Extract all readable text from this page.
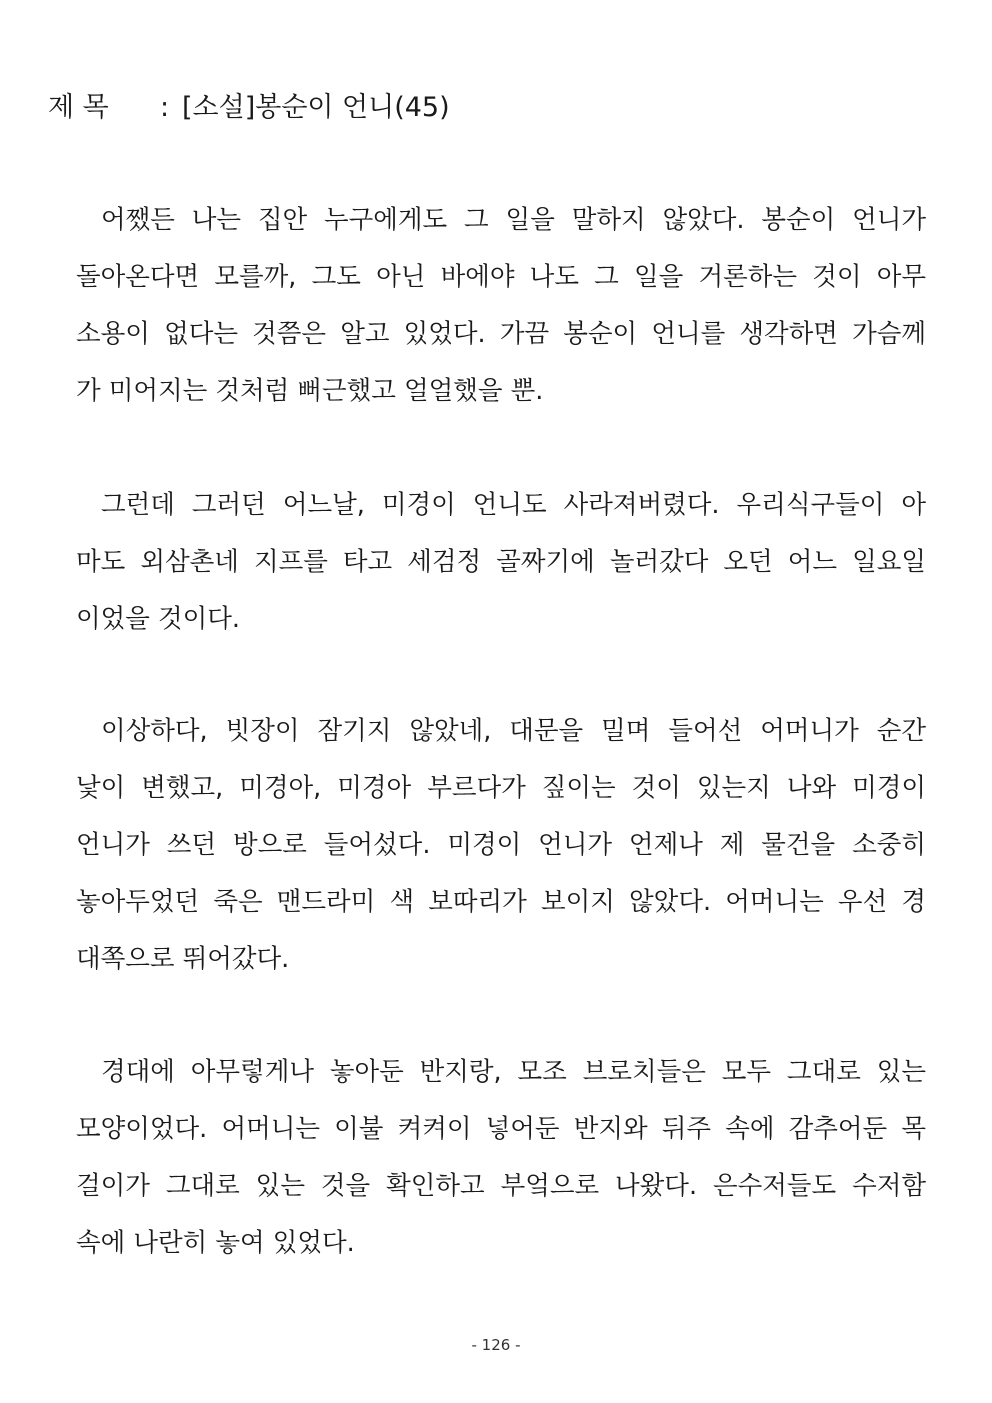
제 목 : [소설]봉순이 언니(45)
어쨌든 나는 집안 누구에게도 그 일을 말하지 않았다. 봉순이 언니가
돌아온다면 모를까, 그도 아닌 바에야 나도 그 일을 거론하는 것이 아무
소용이 없다는 것쯤은 알고 있었다. 가끔 봉순이 언니를 생각하면 가슴께
가 미어지는 것처럼 뻐근했고 얼얼했을 뿐.
그런데 그러던 어느날, 미경이 언니도 사라져버렸다. 우리식구들이 아
마도 외삼촌네 지프를 타고 세검정 골짜기에 놀러갔다 오던 어느 일요일
이었을 것이다.
이상하다, 빗장이 잠기지 않았네, 대문을 밀며 들어선 어머니가 순간
낯이 변했고, 미경아, 미경아 부르다가 짚이는 것이 있는지 나와 미경이
언니가 쓰던 방으로 들어섰다. 미경이 언니가 언제나 제 물건을 소중히
놓아두었던 죽은 맨드라미 색 보따리가 보이지 않았다. 어머니는 우선 경
대쪽으로 뛰어갔다.
경대에 아무렇게나 놓아둔 반지랑, 모조 브로치들은 모두 그대로 있는
모양이었다. 어머니는 이불 켜켜이 넣어둔 반지와 뒤주 속에 감추어둔 목
걸이가 그대로 있는 것을 확인하고 부엌으로 나왔다. 은수저들도 수저함
속에 나란히 놓여 있었다.
- 126 -
